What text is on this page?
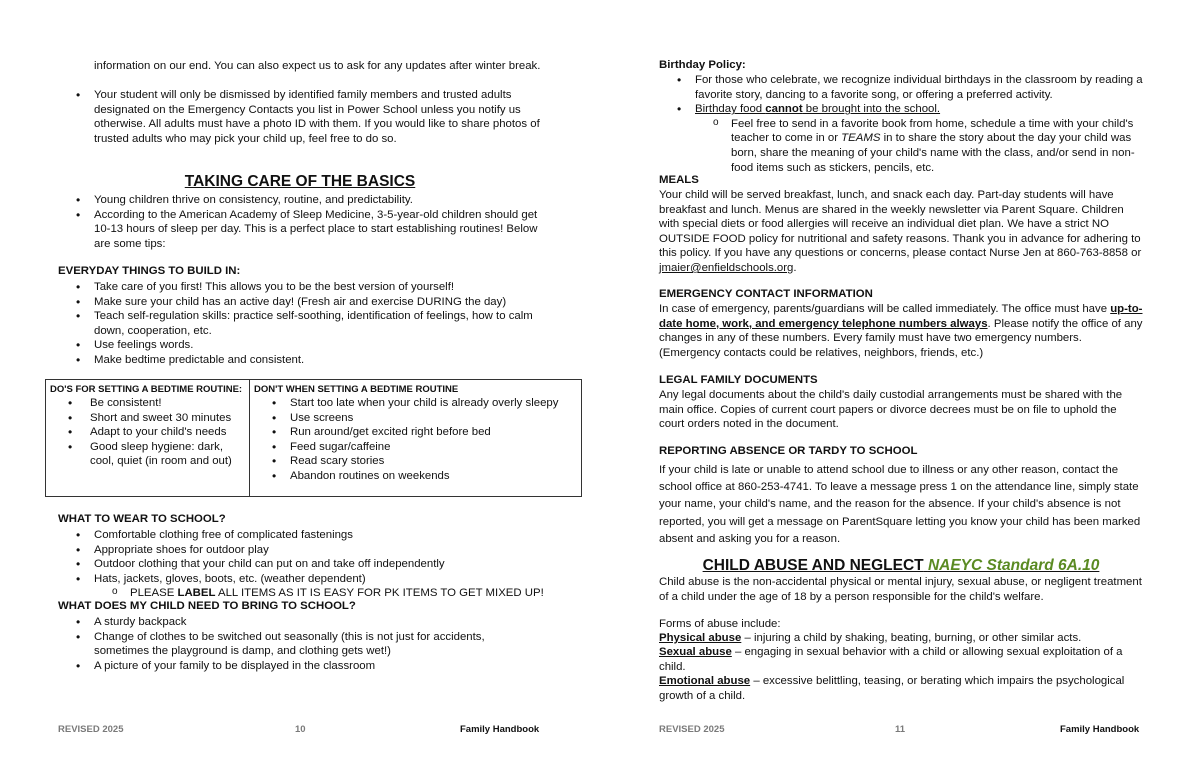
information on our end. You can also expect us to ask for any updates after winter break.
• Your student will only be dismissed by identified family members and trusted adults designated on the Emergency Contacts you list in Power School unless you notify us otherwise. All adults must have a photo ID with them. If you would like to share photos of trusted adults who may pick your child up, feel free to do so.
TAKING CARE OF THE BASICS
• Young children thrive on consistency, routine, and predictability.
• According to the American Academy of Sleep Medicine, 3-5-year-old children should get 10-13 hours of sleep per day. This is a perfect place to start establishing routines! Below are some tips:
EVERYDAY THINGS TO BUILD IN:
• Take care of you first! This allows you to be the best version of yourself!
• Make sure your child has an active day! (Fresh air and exercise DURING the day)
• Teach self-regulation skills: practice self-soothing, identification of feelings, how to calm down, cooperation, etc.
• Use feelings words.
• Make bedtime predictable and consistent.
DO'S FOR SETTING A BEDTIME ROUTINE:
• Be consistent!
• Short and sweet 30 minutes
• Adapt to your child's needs
• Good sleep hygiene: dark, cool, quiet (in room and out)

DON'T WHEN SETTING A BEDTIME ROUTINE
• Start too late when your child is already overly sleepy
• Use screens
• Run around/get excited right before bed
• Feed sugar/caffeine
• Read scary stories
• Abandon routines on weekends
WHAT TO WEAR TO SCHOOL?
• Comfortable clothing free of complicated fastenings
• Appropriate shoes for outdoor play
• Outdoor clothing that your child can put on and take off independently
• Hats, jackets, gloves, boots, etc. (weather dependent)
o PLEASE LABEL ALL ITEMS AS IT IS EASY FOR PK ITEMS TO GET MIXED UP!
WHAT DOES MY CHILD NEED TO BRING TO SCHOOL?
• A sturdy backpack
• Change of clothes to be switched out seasonally (this is not just for accidents, sometimes the playground is damp, and clothing gets wet!)
• A picture of your family to be displayed in the classroom
REVISED 2025	10	Family Handbook
Birthday Policy:
• For those who celebrate, we recognize individual birthdays in the classroom by reading a favorite story, dancing to a favorite song, or offering a preferred activity.
• Birthday food cannot be brought into the school.
o Feel free to send in a favorite book from home, schedule a time with your child's teacher to come in or TEAMS in to share the story about the day your child was born, share the meaning of your child's name with the class, and/or send in non-food items such as stickers, pencils, etc.
MEALS
Your child will be served breakfast, lunch, and snack each day. Part-day students will have breakfast and lunch. Menus are shared in the weekly newsletter via Parent Square. Children with special diets or food allergies will receive an individual diet plan. We have a strict NO OUTSIDE FOOD policy for nutritional and safety reasons. Thank you in advance for adhering to this policy. If you have any questions or concerns, please contact Nurse Jen at 860-763-8858 or jmaier@enfieldschools.org.
EMERGENCY CONTACT INFORMATION
In case of emergency, parents/guardians will be called immediately. The office must have up-to-date home, work, and emergency telephone numbers always. Please notify the office of any changes in any of these numbers. Every family must have two emergency numbers. (Emergency contacts could be relatives, neighbors, friends, etc.)
LEGAL FAMILY DOCUMENTS
Any legal documents about the child's daily custodial arrangements must be shared with the main office. Copies of current court papers or divorce decrees must be on file to uphold the court orders noted in the document.
REPORTING ABSENCE OR TARDY TO SCHOOL
If your child is late or unable to attend school due to illness or any other reason, contact the school office at 860-253-4741. To leave a message press 1 on the attendance line, simply state your name, your child's name, and the reason for the absence. If your child's absence is not reported, you will get a message on ParentSquare letting you know your child has been marked absent and asking you for a reason.
CHILD ABUSE AND NEGLECT NAEYC Standard 6A.10
Child abuse is the non-accidental physical or mental injury, sexual abuse, or negligent treatment of a child under the age of 18 by a person responsible for the child's welfare.
Forms of abuse include:
Physical abuse – injuring a child by shaking, beating, burning, or other similar acts.
Sexual abuse – engaging in sexual behavior with a child or allowing sexual exploitation of a child.
Emotional abuse – excessive belittling, teasing, or berating which impairs the psychological growth of a child.
REVISED 2025	11	Family Handbook
